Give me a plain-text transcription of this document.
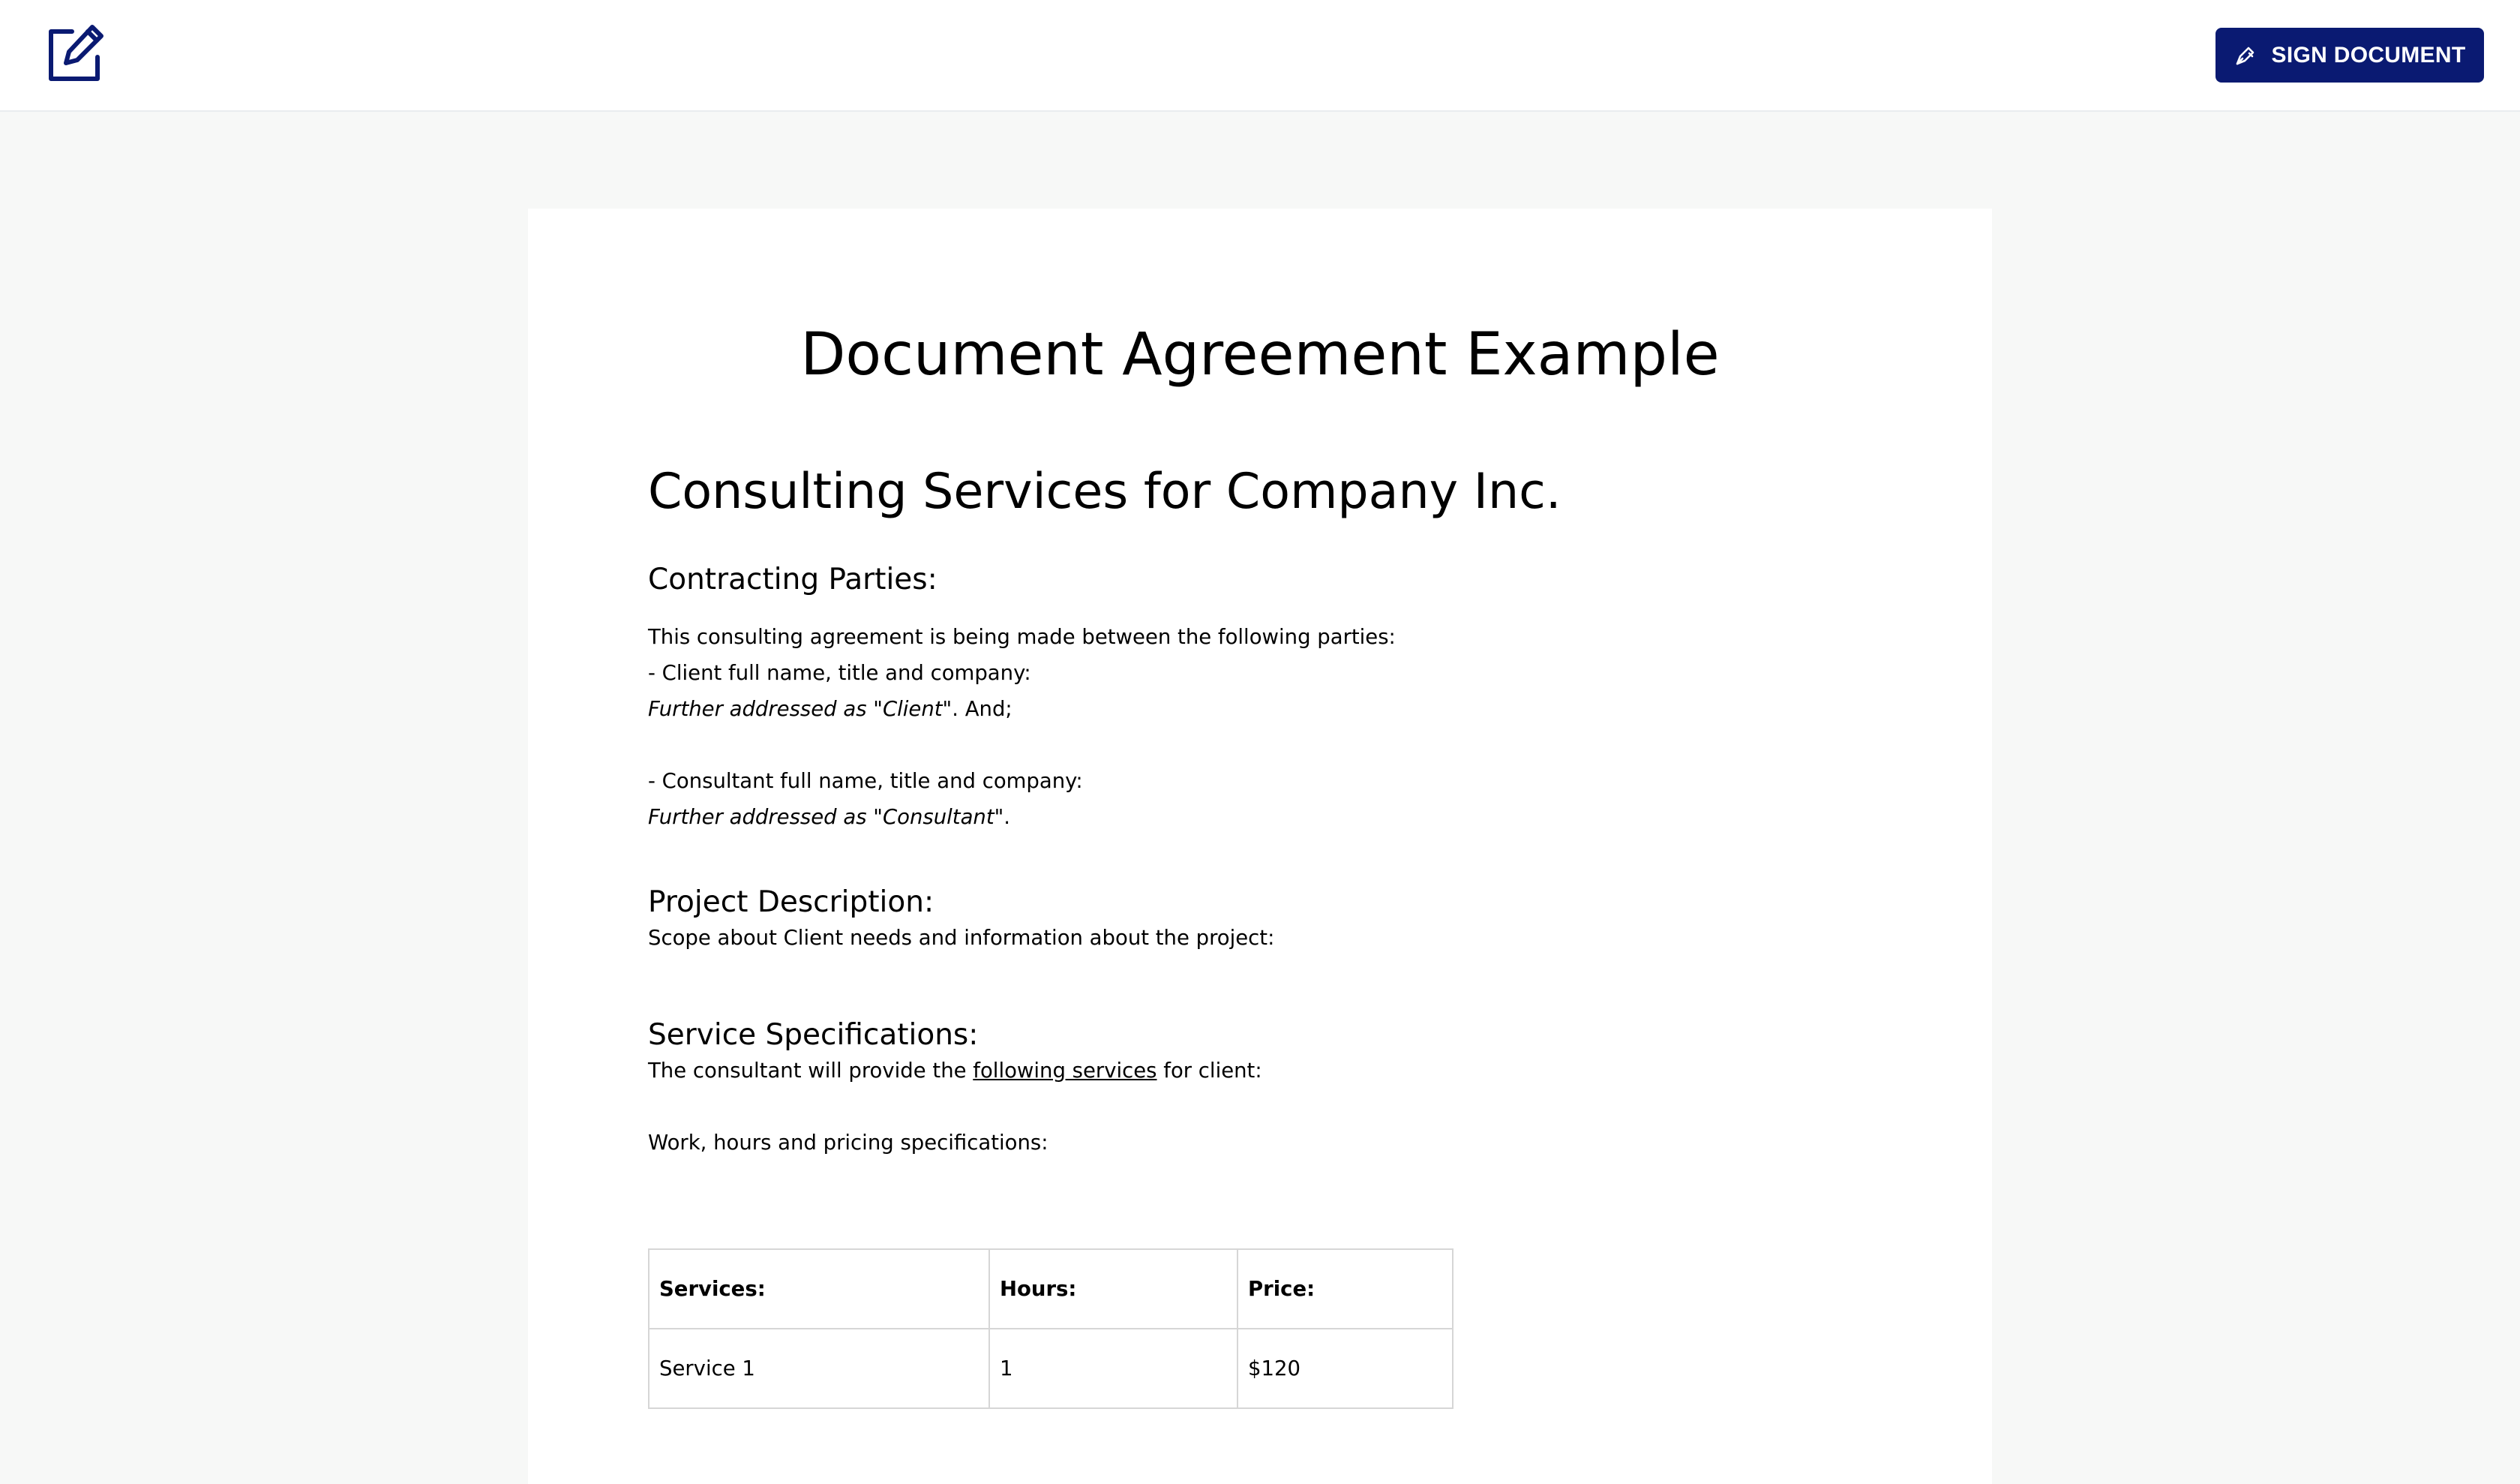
SIGN DOCUMENT
Document Agreement Example
Consulting Services for Company Inc.
Contracting Parties:
This consulting agreement is being made between the following parties:
- Client full name, title and company:
Further addressed as "Client". And;
- Consultant full name, title and company:
Further addressed as "Consultant".
Project Description:
Scope about Client needs and information about the project:
Service Specifications:
The consultant will provide the following services for client:
Work, hours and pricing specifications:
Services:	Hours:	Price:
Service 1	1	$120
